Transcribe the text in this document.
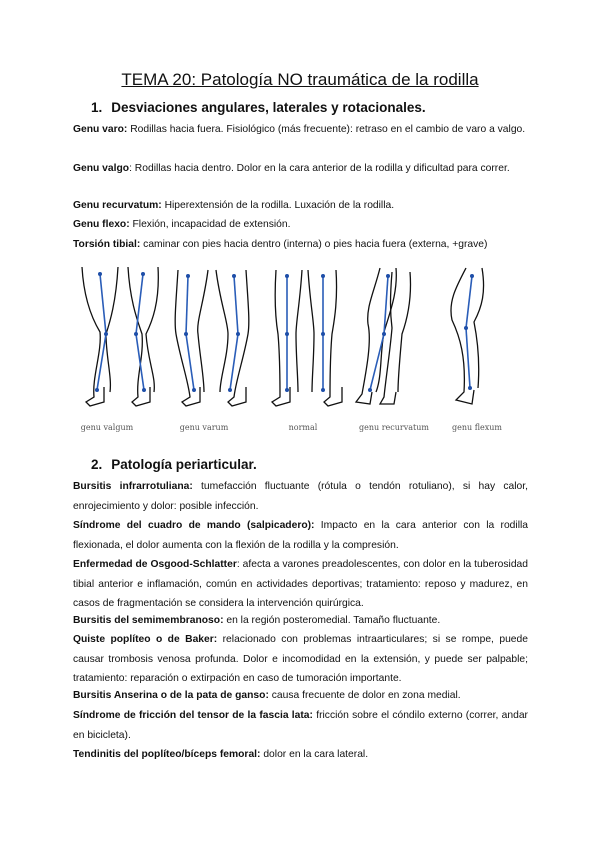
TEMA 20: Patología NO traumática de la rodilla
1. Desviaciones angulares, laterales y rotacionales.
Genu varo: Rodillas hacia fuera. Fisiológico (más frecuente): retraso en el cambio de varo a valgo.
Genu valgo: Rodillas hacia dentro. Dolor en la cara anterior de la rodilla y dificultad para correr.
Genu recurvatum: Hiperextensión de la rodilla. Luxación de la rodilla.
Genu flexo: Flexión, incapacidad de extensión.
Torsión tibial: caminar con pies hacia dentro (interna) o pies hacia fuera (externa, +grave)
genu valgum	genu varum	normal	genu recurvatum	genu flexum
2. Patología periarticular.
Bursitis infrarrotuliana: tumefacción fluctuante (rótula o tendón rotuliano), si hay calor, enrojecimiento y dolor: posible infección.
Síndrome del cuadro de mando (salpicadero): Impacto en la cara anterior con la rodilla flexionada, el dolor aumenta con la flexión de la rodilla y la compresión.
Enfermedad de Osgood-Schlatter: afecta a varones preadolescentes, con dolor en la tuberosidad tibial anterior e inflamación, común en actividades deportivas; tratamiento: reposo y madurez, en casos de fragmentación se considera la intervención quirúrgica.
Bursitis del semimembranoso: en la región posteromedial. Tamaño fluctuante.
Quiste poplíteo o de Baker: relacionado con problemas intraarticulares; si se rompe, puede causar trombosis venosa profunda. Dolor e incomodidad en la extensión, y puede ser palpable; tratamiento: reparación o extirpación en caso de tumoración importante.
Bursitis Anserina o de la pata de ganso: causa frecuente de dolor en zona medial.
Síndrome de fricción del tensor de la fascia lata: fricción sobre el cóndilo externo (correr, andar en bicicleta).
Tendinitis del poplíteo/bíceps femoral: dolor en la cara lateral.
